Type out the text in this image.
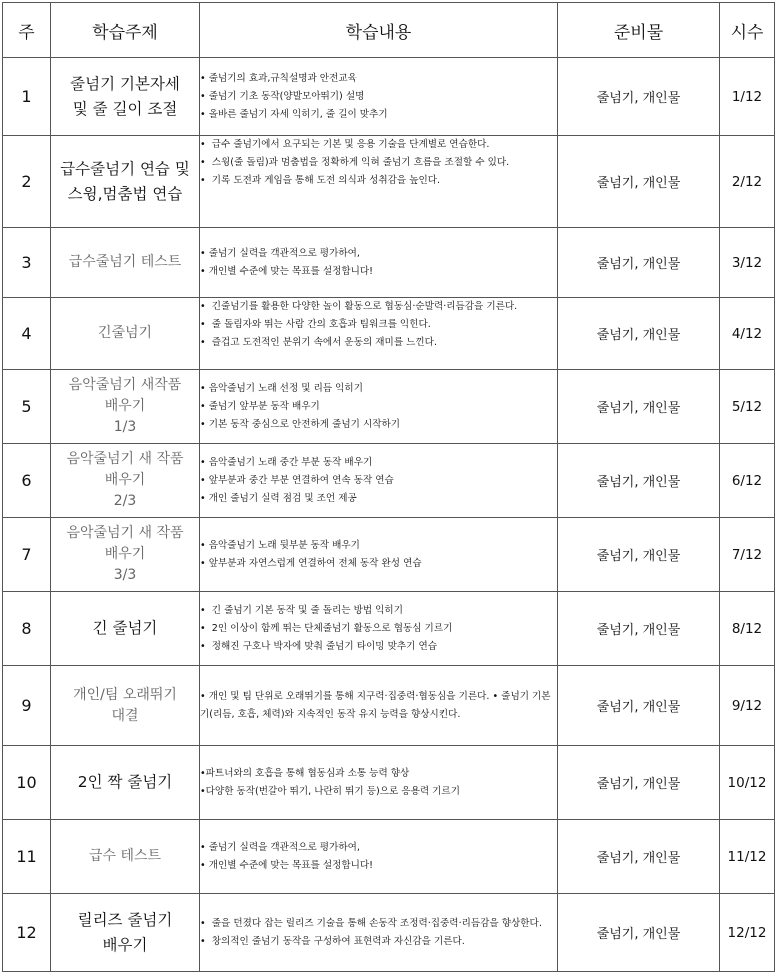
주	학습주제	학습내용	준비물	시수
1	줄넘기 기본자세
및 줄 길이 조절	• 줄넘기의 효과,규칙설명과 안전교육
• 줄넘기 기초 동작(양발모아뛰기) 설명
• 올바른 줄넘기 자세 익히기, 줄 길이 맞추기	줄넘기, 개인물	1/12
2	급수줄넘기 연습 및
스윙,멈춤법 연습	•  급수 줄넘기에서 요구되는 기본 및 응용 기술을 단계별로 연습한다.
•  스윙(줄 돌림)과 멈춤법을 정확하게 익혀 줄넘기 흐름을 조절할 수 있다.
•  기록 도전과 게임을 통해 도전 의식과 성취감을 높인다.	줄넘기, 개인물	2/12
3	급수줄넘기 테스트	• 줄넘기 실력을 객관적으로 평가하여,
• 개인별 수준에 맞는 목표를 설정합니다!	줄넘기, 개인물	3/12
4	긴줄넘기	•  긴줄넘기를 활용한 다양한 놀이 활동으로 협동심·순발력·리듬감을 기른다.
•  줄 돌림자와 뛰는 사람 간의 호흡과 팀워크를 익힌다.
•  즐겁고 도전적인 분위기 속에서 운동의 재미를 느낀다.	줄넘기, 개인물	4/12
5	음악줄넘기 새작품
배우기
1/3	• 음악줄넘기 노래 선정 및 리듬 익히기
• 줄넘기 앞부분 동작 배우기
• 기본 동작 중심으로 안전하게 줄넘기 시작하기	줄넘기, 개인물	5/12
6	음악줄넘기 새 작품
배우기
2/3	• 음악줄넘기 노래 중간 부분 동작 배우기
• 앞부분과 중간 부분 연결하여 연속 동작 연습
• 개인 줄넘기 실력 점검 및 조언 제공	줄넘기, 개인물	6/12
7	음악줄넘기 새 작품
배우기
3/3	• 음악줄넘기 노래 뒷부분 동작 배우기
• 앞부분과 자연스럽게 연결하여 전체 동작 완성 연습	줄넘기, 개인물	7/12
8	긴 줄넘기	•  긴 줄넘기 기본 동작 및 줄 돌리는 방법 익히기
•  2인 이상이 함께 뛰는 단체줄넘기 활동으로 협동심 기르기
•  정해진 구호나 박자에 맞춰 줄넘기 타이밍 맞추기 연습	줄넘기, 개인물	8/12
9	개인/팀 오래뛰기
대결	• 개인 및 팀 단위로 오래뛰기를 통해 지구력·집중력·협동심을 기른다. • 줄넘기 기본기(리듬, 호흡, 체력)와 지속적인 동작 유지 능력을 향상시킨다.	줄넘기, 개인물	9/12
10	2인 짝 줄넘기	•파트너와의 호흡을 통해 협동심과 소통 능력 향상
•다양한 동작(번갈아 뛰기, 나란히 뛰기 등)으로 응용력 기르기	줄넘기, 개인물	10/12
11	급수 테스트	• 줄넘기 실력을 객관적으로 평가하여,
• 개인별 수준에 맞는 목표를 설정합니다!	줄넘기, 개인물	11/12
12	릴리즈 줄넘기
배우기	•  줄을 던졌다 잡는 릴리즈 기술을 통해 손동작 조정력·집중력·리듬감을 향상한다.
•  창의적인 줄넘기 동작을 구성하여 표현력과 자신감을 기른다.	줄넘기, 개인물	12/12
